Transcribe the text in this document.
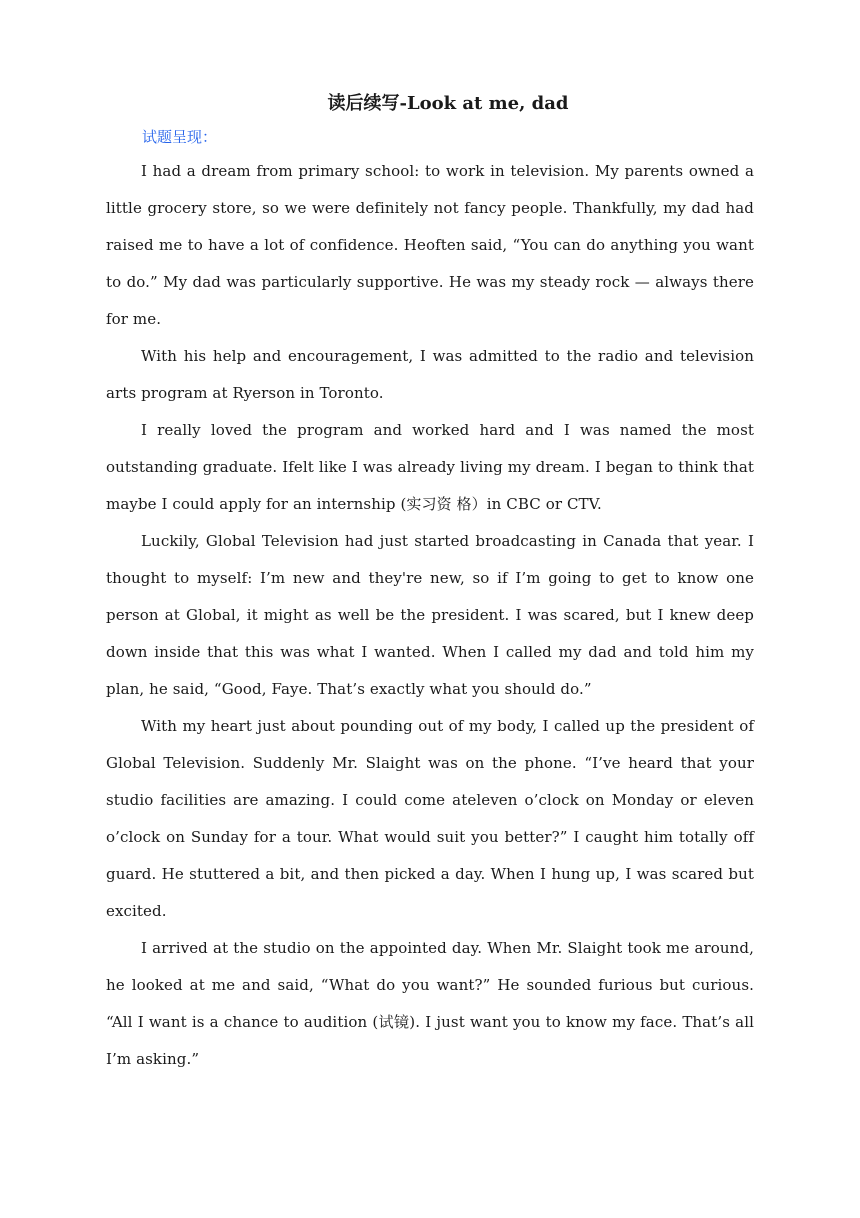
读后续写-Look at me, dad
试题呈现：

I had a dream from primary school: to work in television. My parents owned a little grocery store, so we were definitely not fancy people. Thankfully, my dad had raised me to have a lot of confidence. Heoften said, “You can do anything you want to do.” My dad was particularly supportive. He was my steady rock — always there for me.

With his help and encouragement, I was admitted to the radio and television arts program at Ryerson in Toronto.

I really loved the program and worked hard and I was named the most outstanding graduate. Ifelt like I was already living my dream. I began to think that maybe I could apply for an internship (实习资 格）in CBC or CTV.

Luckily, Global Television had just started broadcasting in Canada that year. I thought to myself: I’m new and they're new, so if I’m going to get to know one person at Global, it might as well be the president. I was scared, but I knew deep down inside that this was what I wanted. When I called my dad and told him my plan, he said, “Good, Faye. That’s exactly what you should do.”

With my heart just about pounding out of my body, I called up the president of Global Television. Suddenly Mr. Slaight was on the phone. “I’ve heard that your studio facilities are amazing. I could come ateleven o’clock on Monday or eleven o’clock on Sunday for a tour. What would suit you better?” I caught him totally off guard. He stuttered a bit, and then picked a day. When I hung up, I was scared but excited.

I arrived at the studio on the appointed day. When Mr. Slaight took me around, he looked at me and said, “What do you want?” He sounded furious but curious. “All I want is a chance to audition (试镜). I just want you to know my face. That’s all I’m asking.”
